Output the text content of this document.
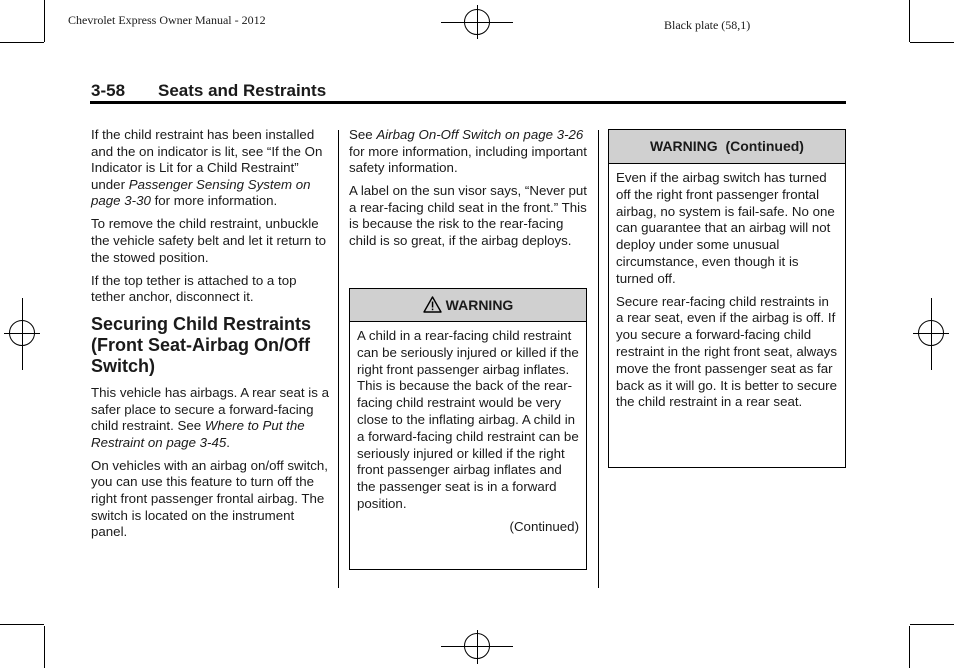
Chevrolet Express Owner Manual - 2012	Black plate (58,1)
3-58 Seats and Restraints

If the child restraint has been installed and the on indicator is lit, see “If the On Indicator is Lit for a Child Restraint” under Passenger Sensing System on page 3-30 for more information.

To remove the child restraint, unbuckle the vehicle safety belt and let it return to the stowed position.

If the top tether is attached to a top tether anchor, disconnect it.

Securing Child Restraints (Front Seat-Airbag On/Off Switch)

This vehicle has airbags. A rear seat is a safer place to secure a forward-facing child restraint. See Where to Put the Restraint on page 3-45.

On vehicles with an airbag on/off switch, you can use this feature to turn off the right front passenger frontal airbag. The switch is located on the instrument panel.

See Airbag On-Off Switch on page 3-26 for more information, including important safety information.

A label on the sun visor says, “Never put a rear-facing child seat in the front.” This is because the risk to the rear-facing child is so great, if the airbag deploys.

WARNING

A child in a rear-facing child restraint can be seriously injured or killed if the right front passenger airbag inflates.

This is because the back of the rear-facing child restraint would be very close to the inflating airbag. A child in a forward-facing child restraint can be seriously injured or killed if the right front passenger airbag inflates and the passenger seat is in a forward position.

(Continued)
WARNING  (Continued)

Even if the airbag switch has turned off the right front passenger frontal airbag, no system is fail-safe. No one can guarantee that an airbag will not deploy under some unusual circumstance, even though it is turned off.

Secure rear-facing child restraints in a rear seat, even if the airbag is off. If you secure a forward-facing child restraint in the right front seat, always move the front passenger seat as far back as it will go. It is better to secure the child restraint in a rear seat.
